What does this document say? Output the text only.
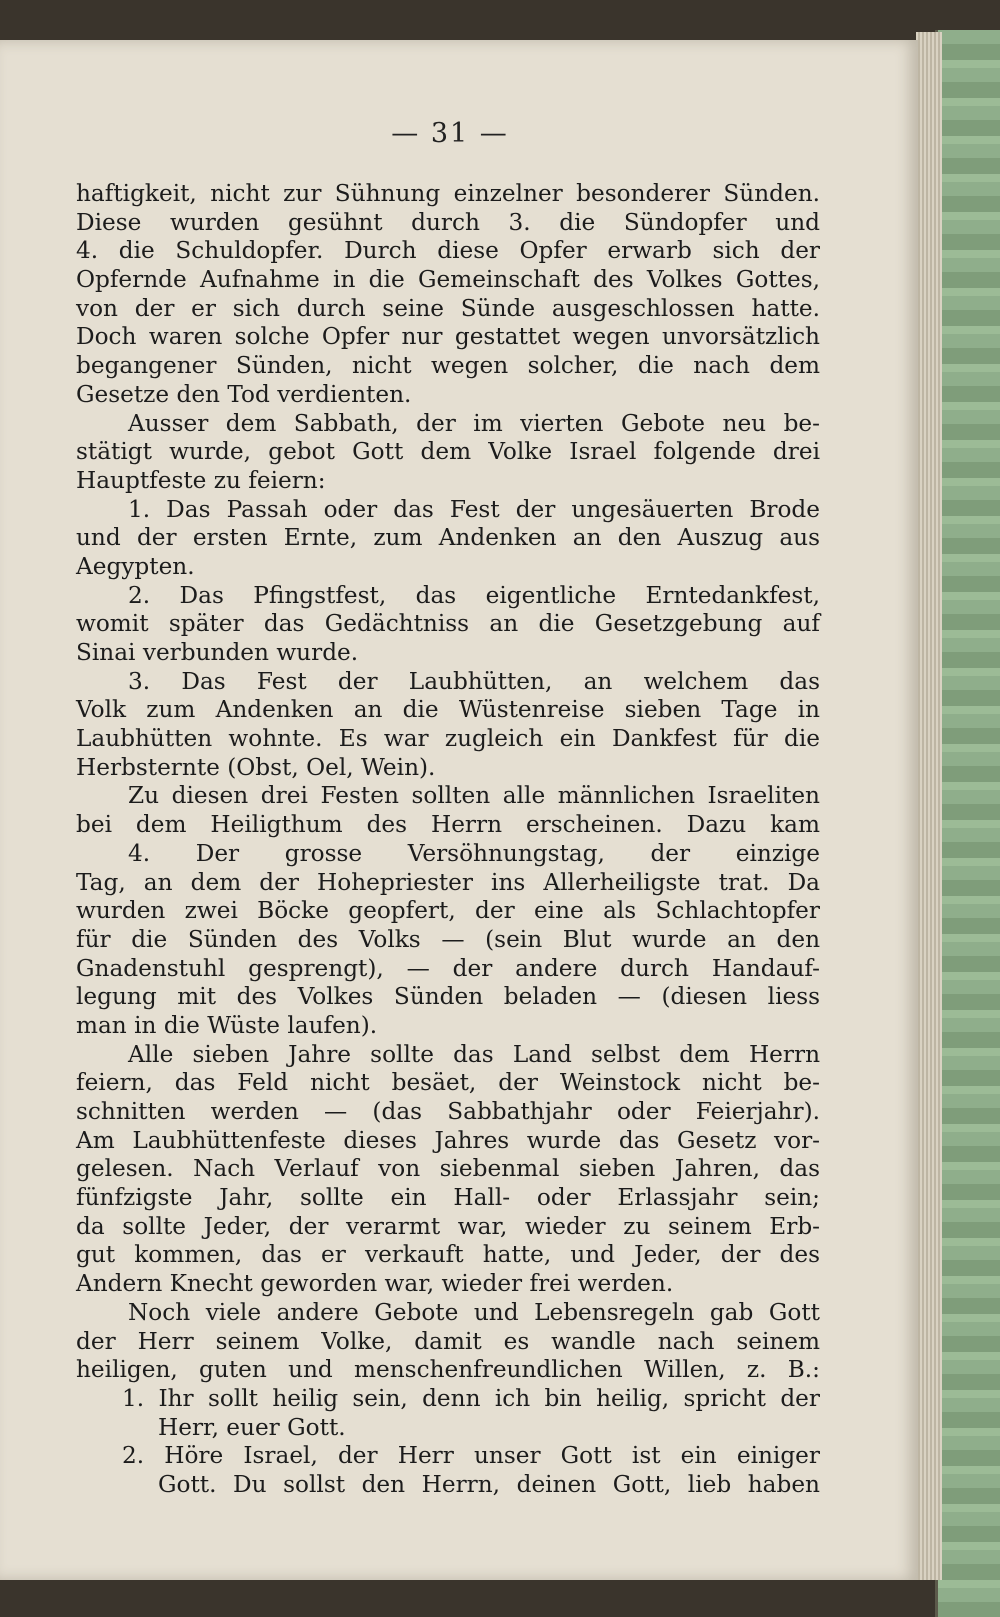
— 31 —
haftigkeit, nicht zur Sühnung einzelner besonderer Sünden.
Diese wurden gesühnt durch 3. die Sündopfer und
4. die Schuldopfer. Durch diese Opfer erwarb sich der
Opfernde Aufnahme in die Gemeinschaft des Volkes Gottes,
von der er sich durch seine Sünde ausgeschlossen hatte.
Doch waren solche Opfer nur gestattet wegen unvorsätzlich
begangener Sünden, nicht wegen solcher, die nach dem
Gesetze den Tod verdienten.
Ausser dem Sabbath, der im vierten Gebote neu be-
stätigt wurde, gebot Gott dem Volke Israel folgende drei
Hauptfeste zu feiern:
1. Das Passah oder das Fest der ungesäuerten Brode
und der ersten Ernte, zum Andenken an den Auszug aus
Aegypten.
2. Das Pfingstfest, das eigentliche Erntedankfest,
womit später das Gedächtniss an die Gesetzgebung auf
Sinai verbunden wurde.
3. Das Fest der Laubhütten, an welchem das
Volk zum Andenken an die Wüstenreise sieben Tage in
Laubhütten wohnte. Es war zugleich ein Dankfest für die
Herbsternte (Obst, Oel, Wein).
Zu diesen drei Festen sollten alle männlichen Israeliten
bei dem Heiligthum des Herrn erscheinen. Dazu kam
4. Der grosse Versöhnungstag, der einzige
Tag, an dem der Hohepriester ins Allerheiligste trat. Da
wurden zwei Böcke geopfert, der eine als Schlachtopfer
für die Sünden des Volks — (sein Blut wurde an den
Gnadenstuhl gesprengt), — der andere durch Handauf-
legung mit des Volkes Sünden beladen — (diesen liess
man in die Wüste laufen).
Alle sieben Jahre sollte das Land selbst dem Herrn
feiern, das Feld nicht besäet, der Weinstock nicht be-
schnitten werden — (das Sabbathjahr oder Feierjahr).
Am Laubhüttenfeste dieses Jahres wurde das Gesetz vor-
gelesen. Nach Verlauf von siebenmal sieben Jahren, das
fünfzigste Jahr, sollte ein Hall- oder Erlassjahr sein;
da sollte Jeder, der verarmt war, wieder zu seinem Erb-
gut kommen, das er verkauft hatte, und Jeder, der des
Andern Knecht geworden war, wieder frei werden.
Noch viele andere Gebote und Lebensregeln gab Gott
der Herr seinem Volke, damit es wandle nach seinem
heiligen, guten und menschenfreundlichen Willen, z. B.:
1. Ihr sollt heilig sein, denn ich bin heilig, spricht der
Herr, euer Gott.
2. Höre Israel, der Herr unser Gott ist ein einiger
Gott. Du sollst den Herrn, deinen Gott, lieb haben
